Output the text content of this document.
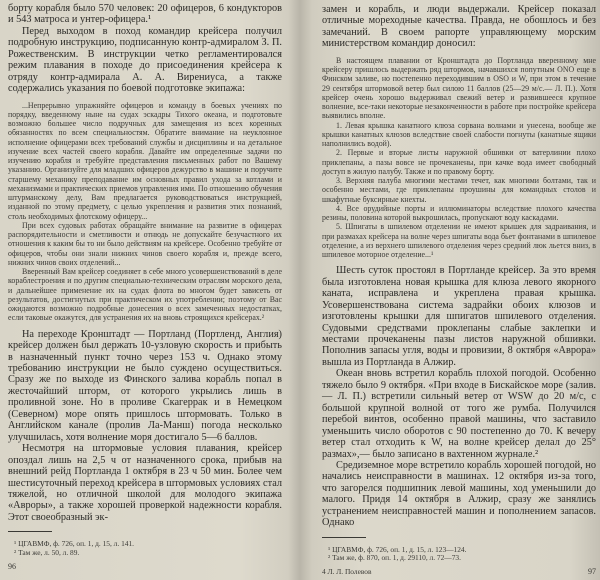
борту корабля было 570 человек: 20 офицеров, 6 кондукторов и 543 матроса и унтер-офицера.¹

Перед выходом в поход командир крейсера получил подробную инструкцию, подписанную контр-адмиралом З. П. Рожественским. В инструкции четко регламентировался режим плавания в походе до присоединения крейсера к отряду контр-адмирала А. А. Вирениуса, а также содержались указания по боевой подготовке экипажа:

...Непрерывно упражняйте офицеров и команду в боевых учениях по порядку, введенному ныне на судах эскадры Тихого океана, и подготовьте возможно большее число подручных для замещения из всех коренных обязанностях по всем специальностям. Обратите внимание на неуклонное исполнение офицерами всех требований службы и дисциплины и на детальное изучение всех частей своего корабля. Давайте им определенные задачи по изучению корабля и требуйте представления письменных работ по Вашему указанию. Организуйте для младших офицеров дежурство в машине и поручите старшему механику преподавание им основных правил ухода за котлами и механизмами и практических приемов управления ими. По отношению обучения штурманскому делу, Вам предлагается руководствоваться инструкцией, изданной по этому предмету, с целью укрепления и развития этих познаний, столь необходимых флотскому офицеру...

При всех судовых работах обращайте внимание на развитие в офицерах распорядительности и сметливости и отнюдь не допускайте безучастного их отношения к каким бы то ни было действиям на крейсере. Особенно требуйте от офицеров, чтобы они знали нижних чинов своего корабля и, прежде всего, нижних чинов своих отделений...

Вверенный Вам крейсер соединяет в себе много усовершенствований в деле кораблестроения и по другим специально-техническим отраслям морского дела, и дальнейшее применение их на судах флота во многом будет зависеть от результатов, достигнутых при практическом их употреблении; поэтому от Вас ожидаются возможно подробные донесения о всех замеченных недостатках, если таковые окажутся, для устранения их на вновь строящихся крейсерах.²

На переходе Кронштадт — Портланд (Портленд, Англия) крейсер должен был держать 10-узловую скорость и прибыть в назначенный пункт точно через 153 ч. Однако этому требованию инструкции не было суждено осуществиться. Сразу же по выходе из Финского залива корабль попал в жесточайший шторм, от которого укрылись лишь в проливной зоне. Но в проливе Скагеррак и в Немецком (Северном) море опять пришлось штормовать. Только в Английском канале (пролив Ла-Манш) погода несколько улучшилась, хотя волнение моря достигало 5—6 баллов.

Несмотря на штормовые условия плавания, крейсер опоздал лишь на 2,5 ч от назначенного срока, прибыв на внешний рейд Портланда 1 октября в 23 ч 50 мин. Более чем шестисуточный переход крейсера в штормовых условиях стал тяжелой, но отличной школой для молодого экипажа «Авроры», а также хорошей проверкой надежности корабля. Этот своеобразный эк-

¹ ЦГАВМФ, ф. 726, оп. 1, д. 15, л. 141.
² Там же, л. 50, л. 89.
96

замен и корабль, и люди выдержали. Крейсер показал отличные мореходные качества. Правда, не обошлось и без замечаний. В своем рапорте управляющему морским министерством командир доносил:

В настоящем плавании от Кронштадта до Портланда вверенному мне крейсеру пришлось выдержать ряд штормов, начавшихся попутным ONO еще в Финском заливе, но постепенно переходившим в OSO и W, при этом в течение 29 сентября штормовой ветер был силою 11 баллов (25—29 м/с.— Л. П.). Хотя крейсер очень хорошо выдерживал свежий ветер и развившееся крупное волнение, все-таки некоторые незаконченности в работе при постройке крейсера выявились вполне.

1. Левая крышка канатного клюза сорвана волнами и унесена, вообще же крышки канатных клюзов вследствие своей слабости погнуты (канатные ящики наполнились водой).

2. Первые и вторые листы наружной обшивки от ватерлинии плохо приклепаны, а пазы вовсе не прочеканены, при качке вода имеет свободный доступ в жилую палубу. Также и по правому борту.

3. Верхняя палуба многими местами течет, как многими болтами, так и особенно местами, где приклепаны проушины для командных столов и шкафутные буксирные кнехты.

4. Все орудийные порты и иллюминаторы вследствие плохого качества резины, половина которой выкрошилась, пропускают воду каскадами.

5. Шпигаты в шпилевом отделении не имеют крышек для задраивания, и при размахах крейсера на волне через шпигаты вода бьет фонтанами в шпилевое отделение, а из верхнего шпилевого отделения через средний люк льется вниз, в шпилевое моторное отделение...¹

Шесть суток простоял в Портланде крейсер. За это время была изготовлена новая крышка для клюза левого якорного каната, исправлена и укреплена правая крышка. Усовершенствована система задрайки обоих клюзов и изготовлены крышки для шпигатов шпилевого отделения. Судовыми средствами проклепаны слабые заклепки и местами прочеканены пазы листов наружной обшивки. Пополнив запасы угля, воды и провизии, 8 октября «Аврора» вышла из Портланда в Алжир.

Океан вновь встретил корабль плохой погодой. Особенно тяжело было 9 октября. «При входе в Бискайское море (залив.— Л. П.) встретили сильный ветер от WSW до 20 м/с, с большой крупной волной от того же румба. Получился перебой винтов, особенно правой машины, что заставило уменьшить число оборотов с 90 постепенно до 70. К вечеру ветер стал отходить к W, на волне крейсер делал до 25° размах»,— было записано в вахтенном журнале.²

Средиземное море встретило корабль хорошей погодой, но начались неисправности в машинах. 12 октября из-за того, что загорелся подшипник левой машины, ход уменьшили до малого. Придя 14 октября в Алжир, сразу же занялись устранением неисправностей машин и пополнением запасов. Однако

¹ ЦГАВМФ, ф. 726, оп. 1, д. 15, л. 123—124.
² Там же, ф. 870, оп. 1, д. 29110, л. 72—73.
4 Л. Л. Полевов	97
